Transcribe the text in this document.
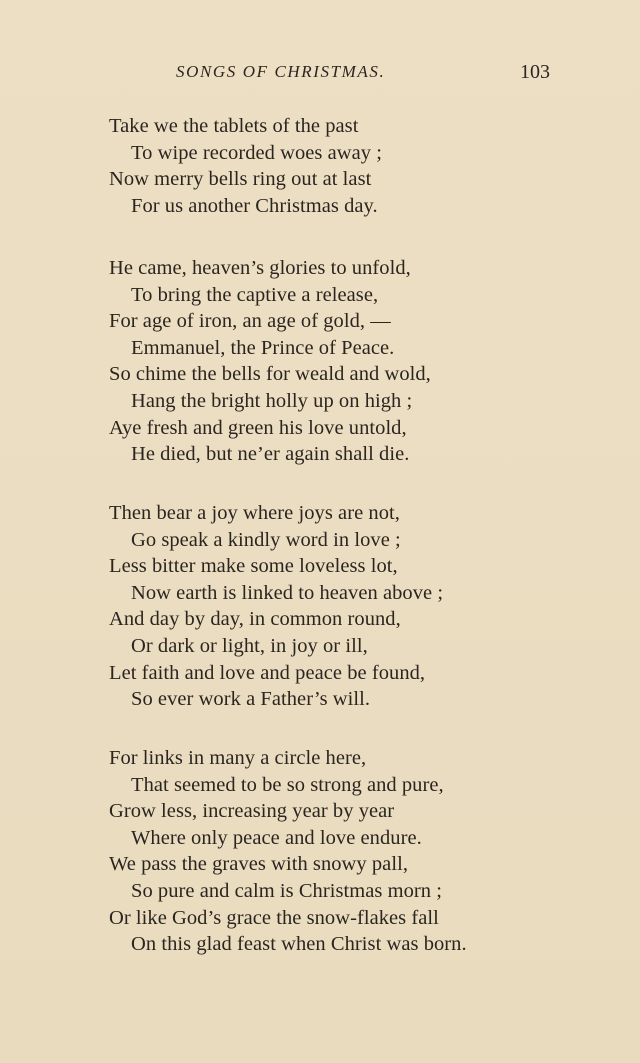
SONGS OF CHRISTMAS.	103
Take we the tablets of the past
To wipe recorded woes away ;
Now merry bells ring out at last
For us another Christmas day.
He came, heaven’s glories to unfold,
To bring the captive a release,
For age of iron, an age of gold, —
Emmanuel, the Prince of Peace.
So chime the bells for weald and wold,
Hang the bright holly up on high ;
Aye fresh and green his love untold,
He died, but ne’er again shall die.
Then bear a joy where joys are not,
Go speak a kindly word in love ;
Less bitter make some loveless lot,
Now earth is linked to heaven above ;
And day by day, in common round,
Or dark or light, in joy or ill,
Let faith and love and peace be found,
So ever work a Father’s will.
For links in many a circle here,
That seemed to be so strong and pure,
Grow less, increasing year by year
Where only peace and love endure.
We pass the graves with snowy pall,
So pure and calm is Christmas morn ;
Or like God’s grace the snow-flakes fall
On this glad feast when Christ was born.
